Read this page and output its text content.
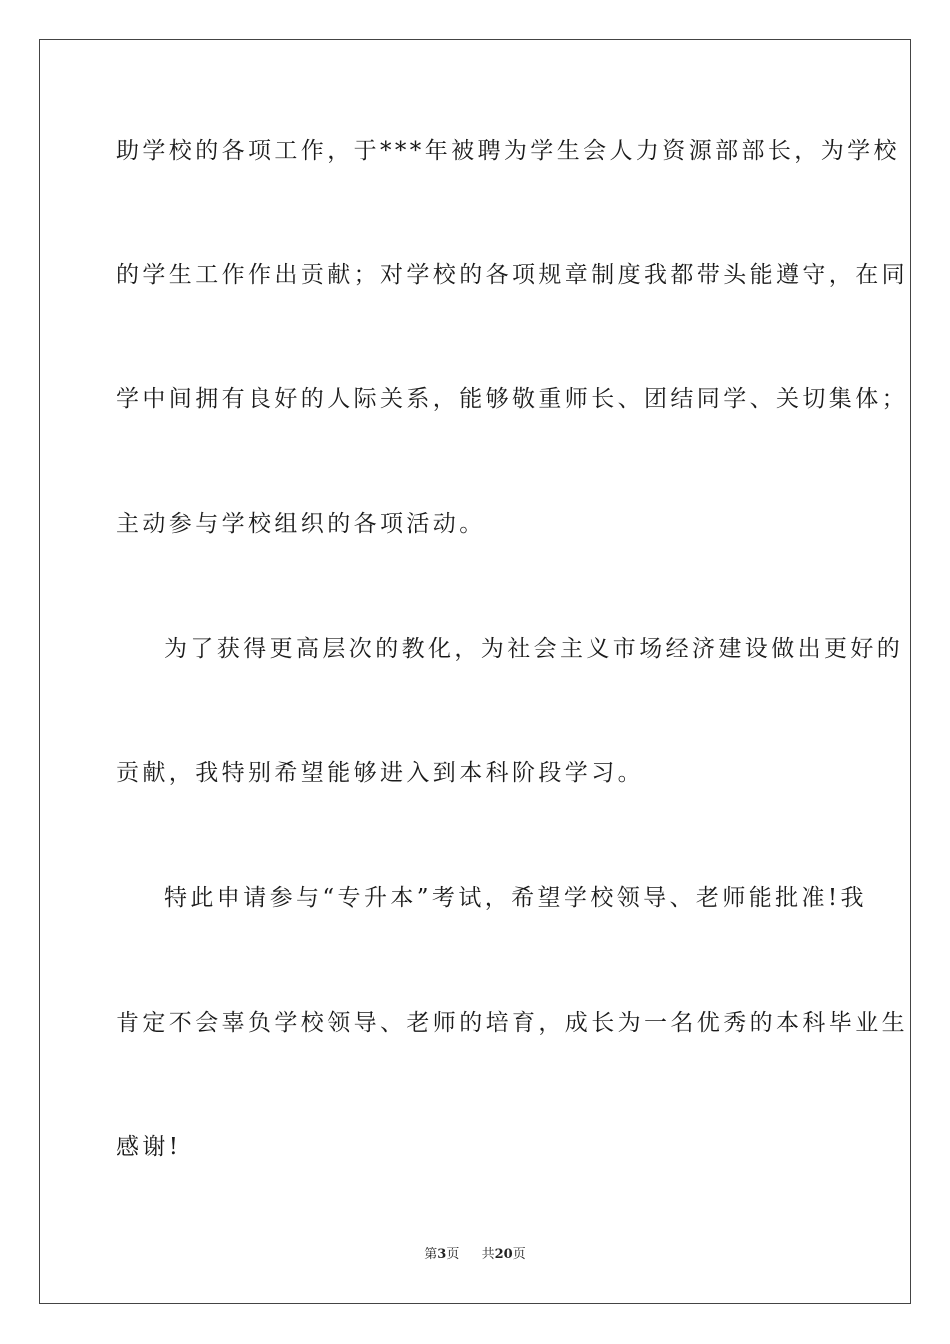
助学校的各项工作，于***年被聘为学生会人力资源部部长，为学校
的学生工作作出贡献；对学校的各项规章制度我都带头能遵守，在同
学中间拥有良好的人际关系，能够敬重师长、团结同学、关切集体；
主动参与学校组织的各项活动。
为了获得更高层次的教化，为社会主义市场经济建设做出更好的
贡献，我特别希望能够进入到本科阶段学习。
特此申请参与“专升本”考试，希望学校领导、老师能批准!我
肯定不会辜负学校领导、老师的培育，成长为一名优秀的本科毕业生
感谢!
第3页 共20页
